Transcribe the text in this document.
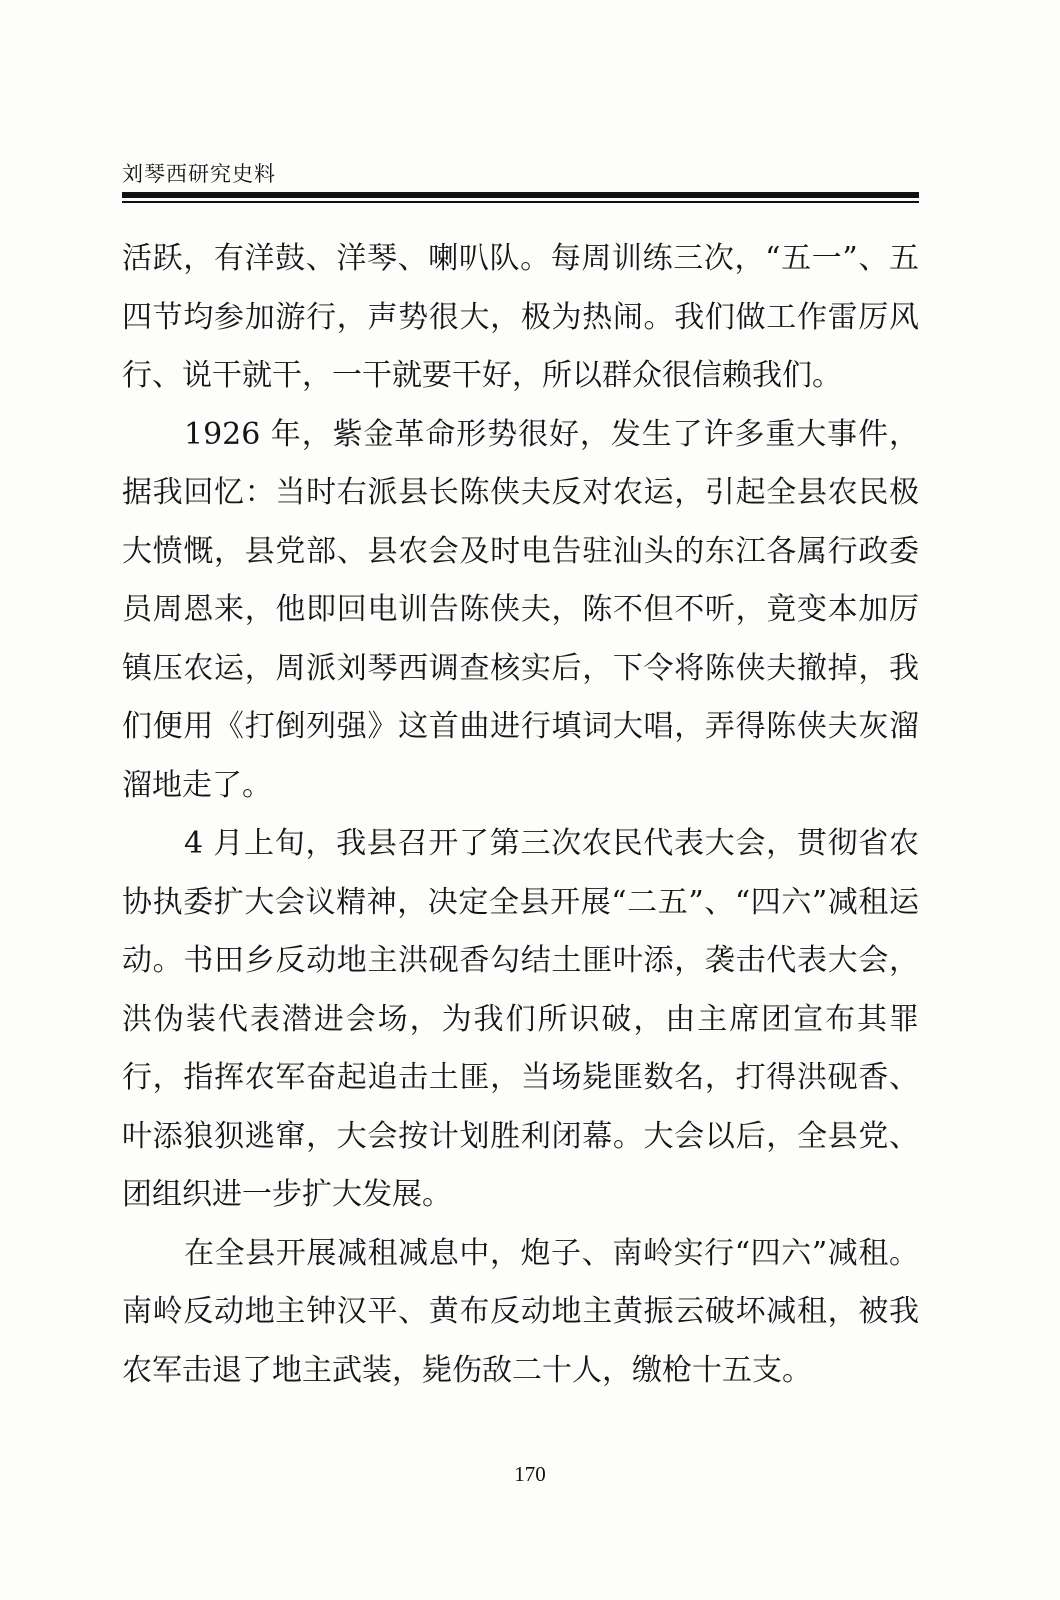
刘琴西研究史料

活跃，有洋鼓、洋琴、喇叭队。每周训练三次，“五一”、五四节均参加游行，声势很大，极为热闹。我们做工作雷厉风行、说干就干，一干就要干好，所以群众很信赖我们。

1926 年，紫金革命形势很好，发生了许多重大事件，据我回忆：当时右派县长陈侠夫反对农运，引起全县农民极大愤慨，县党部、县农会及时电告驻汕头的东江各属行政委员周恩来，他即回电训告陈侠夫，陈不但不听，竟变本加厉镇压农运，周派刘琴西调查核实后，下令将陈侠夫撤掉，我们便用《打倒列强》这首曲进行填词大唱，弄得陈侠夫灰溜溜地走了。

4 月上旬，我县召开了第三次农民代表大会，贯彻省农协执委扩大会议精神，决定全县开展“二五”、“四六”减租运动。书田乡反动地主洪砚香勾结土匪叶添，袭击代表大会，洪伪装代表潜进会场，为我们所识破，由主席团宣布其罪行，指挥农军奋起追击土匪，当场毙匪数名，打得洪砚香、叶添狼狈逃窜，大会按计划胜利闭幕。大会以后，全县党、团组织进一步扩大发展。

在全县开展减租减息中，炮子、南岭实行“四六”减租。南岭反动地主钟汉平、黄布反动地主黄振云破坏减租，被我农军击退了地主武装，毙伤敌二十人，缴枪十五支。

170
